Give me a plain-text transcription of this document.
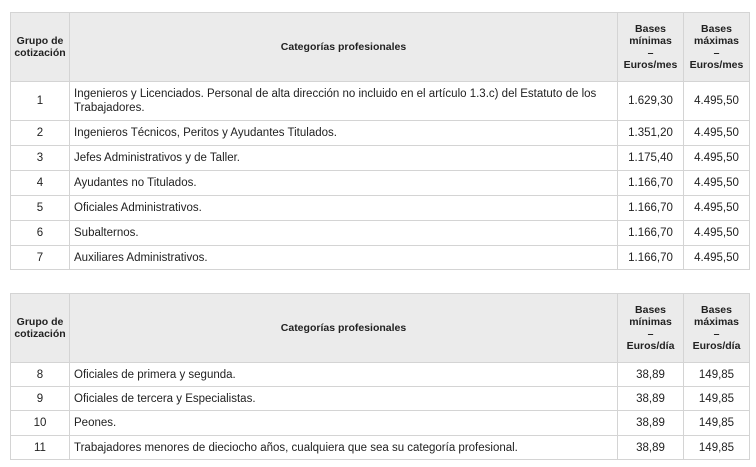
Grupo de
cotización	Categorías profesionales	Bases
mínimas
–
Euros/mes	Bases
máximas
–
Euros/mes

1	Ingenieros y Licenciados. Personal de alta dirección no incluido en el artículo 1.3.c) del Estatuto de los Trabajadores.	1.629,30	4.495,50
2	Ingenieros Técnicos, Peritos y Ayudantes Titulados.	1.351,20	4.495,50
3	Jefes Administrativos y de Taller.	1.175,40	4.495,50
4	Ayudantes no Titulados.	1.166,70	4.495,50
5	Oficiales Administrativos.	1.166,70	4.495,50
6	Subalternos.	1.166,70	4.495,50
7	Auxiliares Administrativos.	1.166,70	4.495,50
Grupo de
cotización	Categorías profesionales	Bases
mínimas
–
Euros/día	Bases
máximas
–
Euros/día

8	Oficiales de primera y segunda.	38,89	149,85
9	Oficiales de tercera y Especialistas.	38,89	149,85
10	Peones.	38,89	149,85
11	Trabajadores menores de dieciocho años, cualquiera que sea su categoría profesional.	38,89	149,85
